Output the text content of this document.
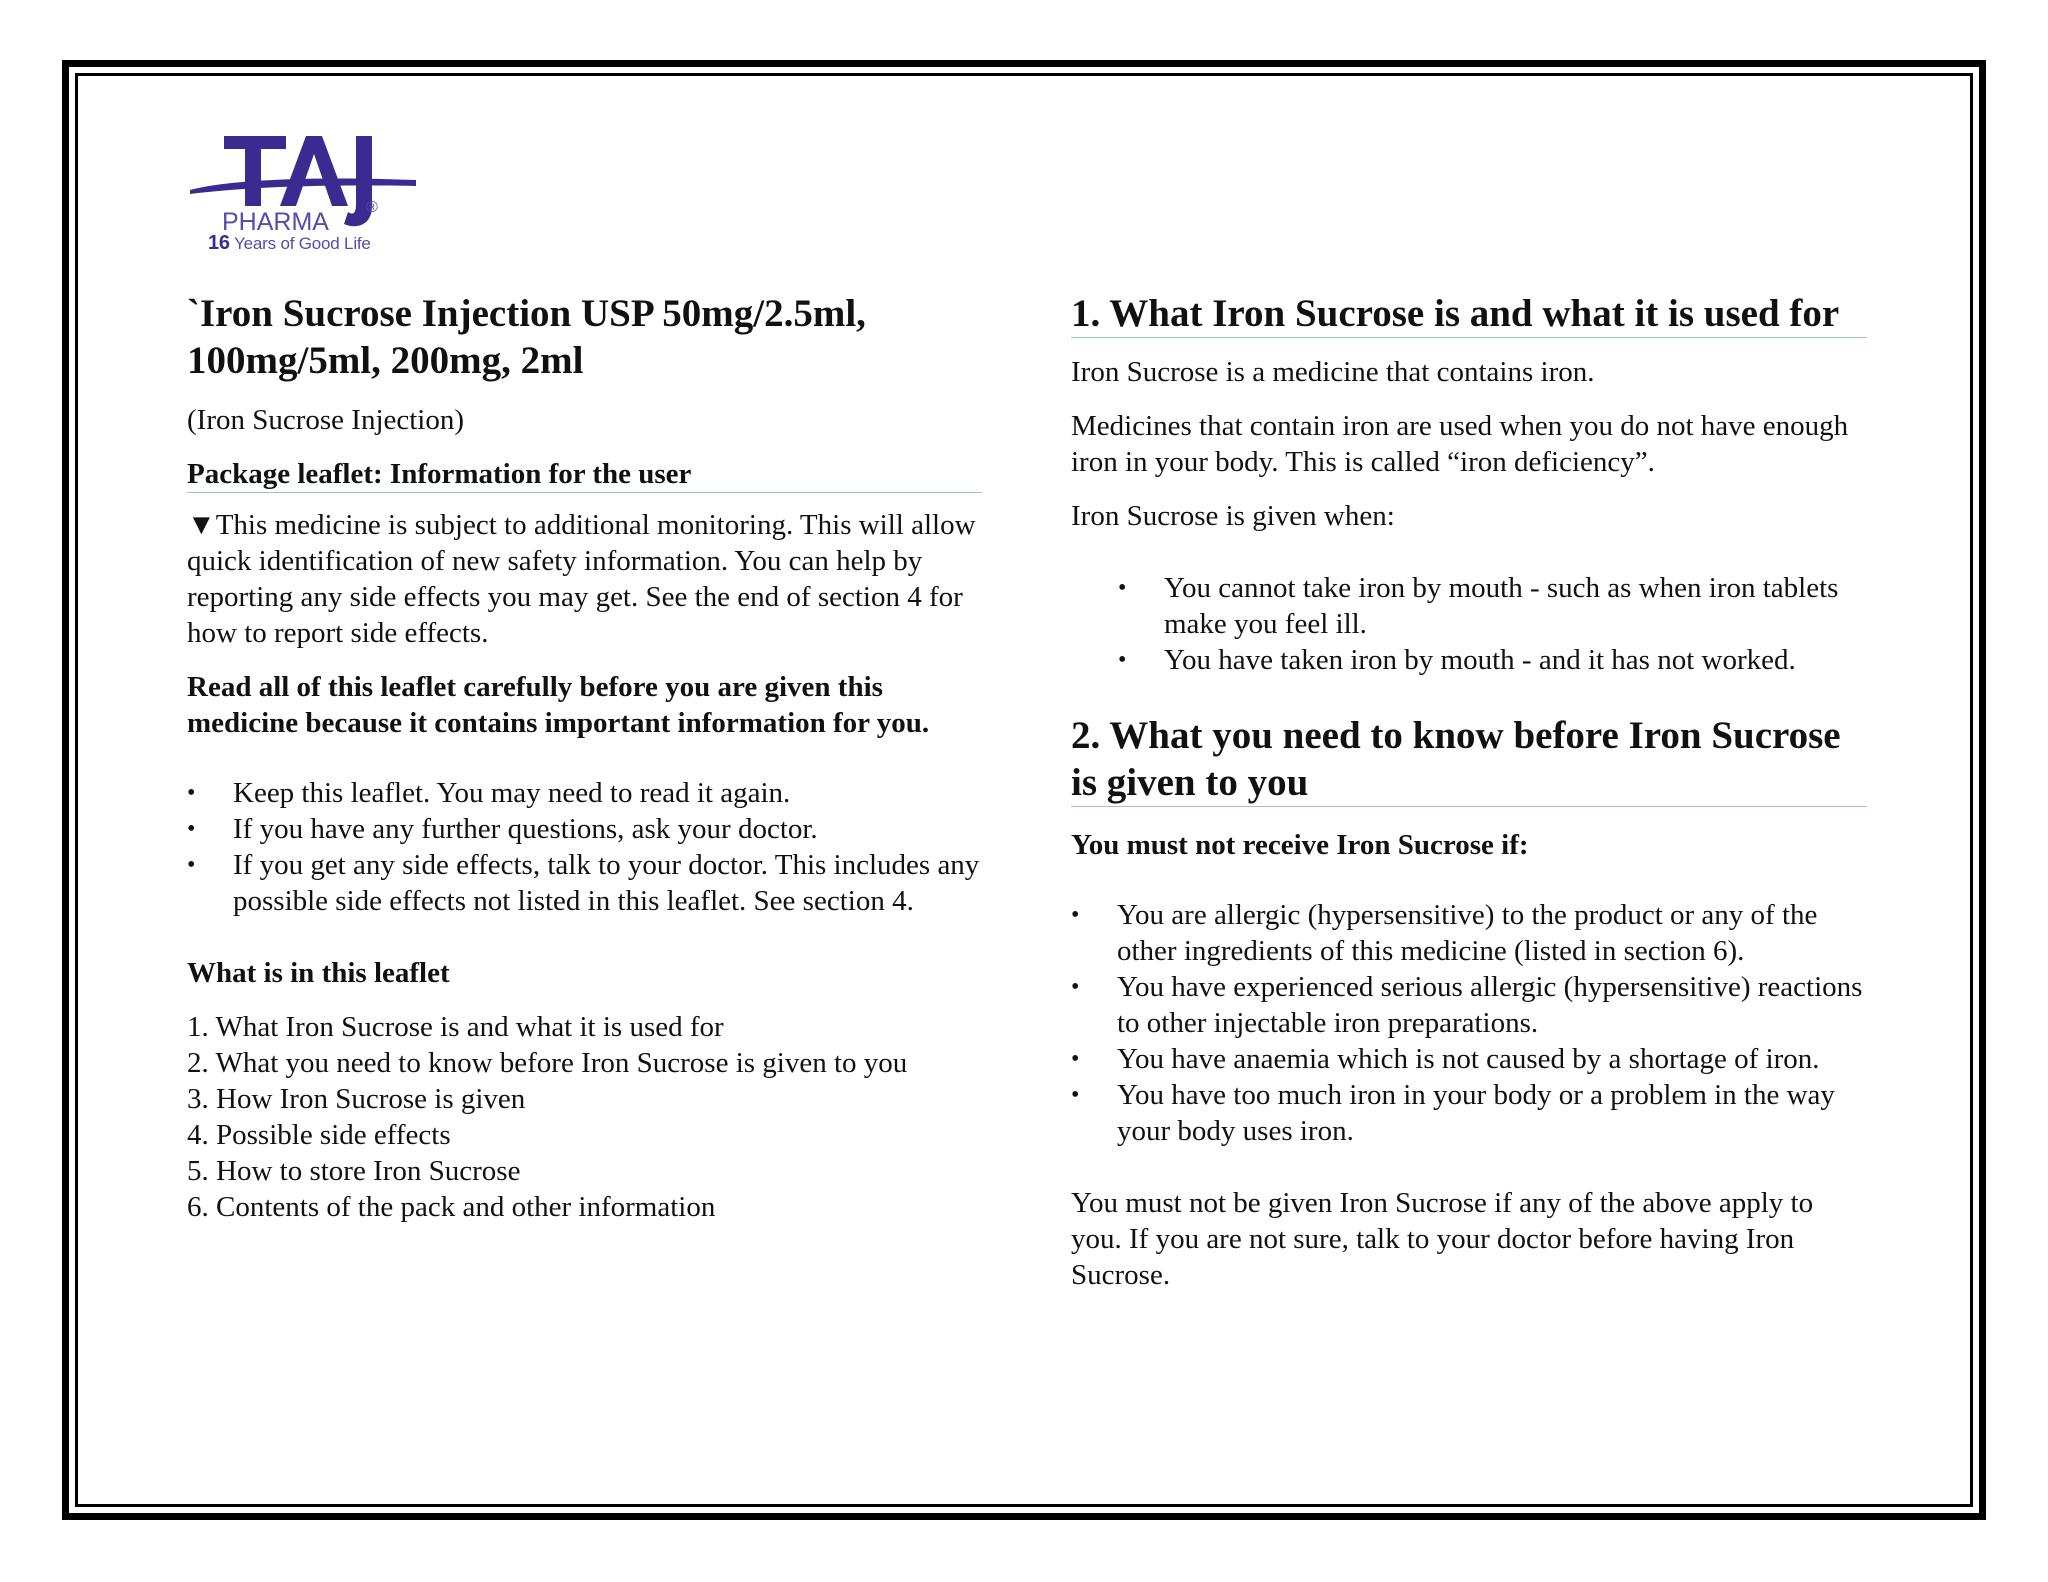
PHARMA
®
16 Years of Good Life
`Iron Sucrose Injection USP 50mg/2.5ml, 100mg/5ml, 200mg, 2ml

(Iron Sucrose Injection)

Package leaflet: Information for the user

▼This medicine is subject to additional monitoring. This will allow quick identification of new safety information. You can help by reporting any side effects you may get. See the end of section 4 for how to report side effects.

Read all of this leaflet carefully before you are given this medicine because it contains important information for you.

• Keep this leaflet. You may need to read it again.
• If you have any further questions, ask your doctor.
• If you get any side effects, talk to your doctor. This includes any possible side effects not listed in this leaflet. See section 4.

What is in this leaflet

1. What Iron Sucrose is and what it is used for
2. What you need to know before Iron Sucrose is given to you
3. How Iron Sucrose is given
4. Possible side effects
5. How to store Iron Sucrose
6. Contents of the pack and other information
1. What Iron Sucrose is and what it is used for

Iron Sucrose is a medicine that contains iron.

Medicines that contain iron are used when you do not have enough iron in your body. This is called “iron deficiency”.

Iron Sucrose is given when:

• You cannot take iron by mouth - such as when iron tablets make you feel ill.
• You have taken iron by mouth - and it has not worked.
2. What you need to know before Iron Sucrose is given to you

You must not receive Iron Sucrose if:

• You are allergic (hypersensitive) to the product or any of the other ingredients of this medicine (listed in section 6).
• You have experienced serious allergic (hypersensitive) reactions to other injectable iron preparations.
• You have anaemia which is not caused by a shortage of iron.
• You have too much iron in your body or a problem in the way your body uses iron.

You must not be given Iron Sucrose if any of the above apply to you. If you are not sure, talk to your doctor before having Iron Sucrose.
